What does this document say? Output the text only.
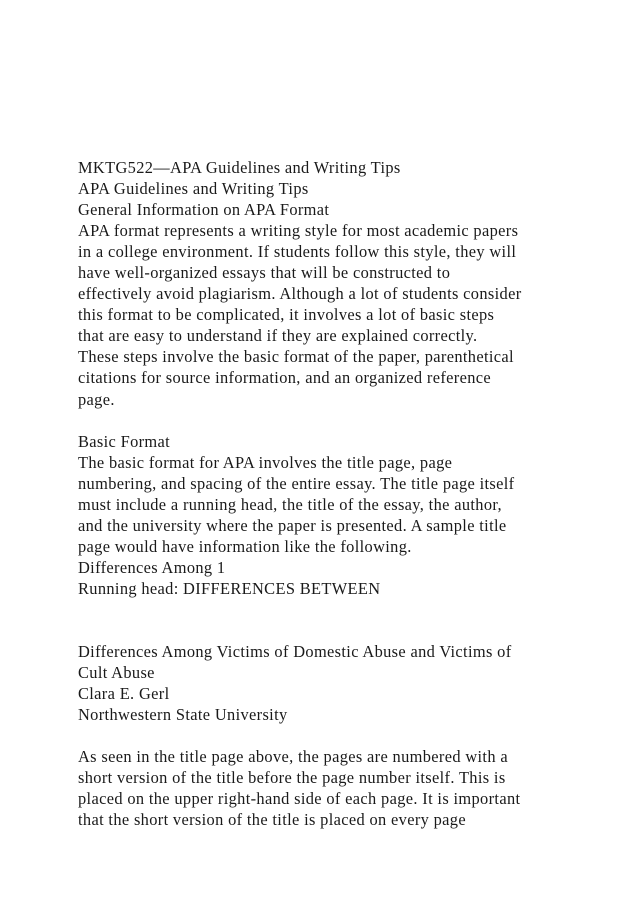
MKTG522—APA Guidelines and Writing Tips
APA Guidelines and Writing Tips
General Information on APA Format
APA format represents a writing style for most academic papers
in a college environment. If students follow this style, they will
have well-organized essays that will be constructed to
effectively avoid plagiarism. Although a lot of students consider
this format to be complicated, it involves a lot of basic steps
that are easy to understand if they are explained correctly.
These steps involve the basic format of the paper, parenthetical
citations for source information, and an organized reference
page.
Basic Format
The basic format for APA involves the title page, page
numbering, and spacing of the entire essay. The title page itself
must include a running head, the title of the essay, the author,
and the university where the paper is presented. A sample title
page would have information like the following.
Differences Among 1
Running head: DIFFERENCES BETWEEN
Differences Among Victims of Domestic Abuse and Victims of
Cult Abuse
Clara E. Gerl
Northwestern State University
As seen in the title page above, the pages are numbered with a
short version of the title before the page number itself. This is
placed on the upper right-hand side of each page. It is important
that the short version of the title is placed on every page
